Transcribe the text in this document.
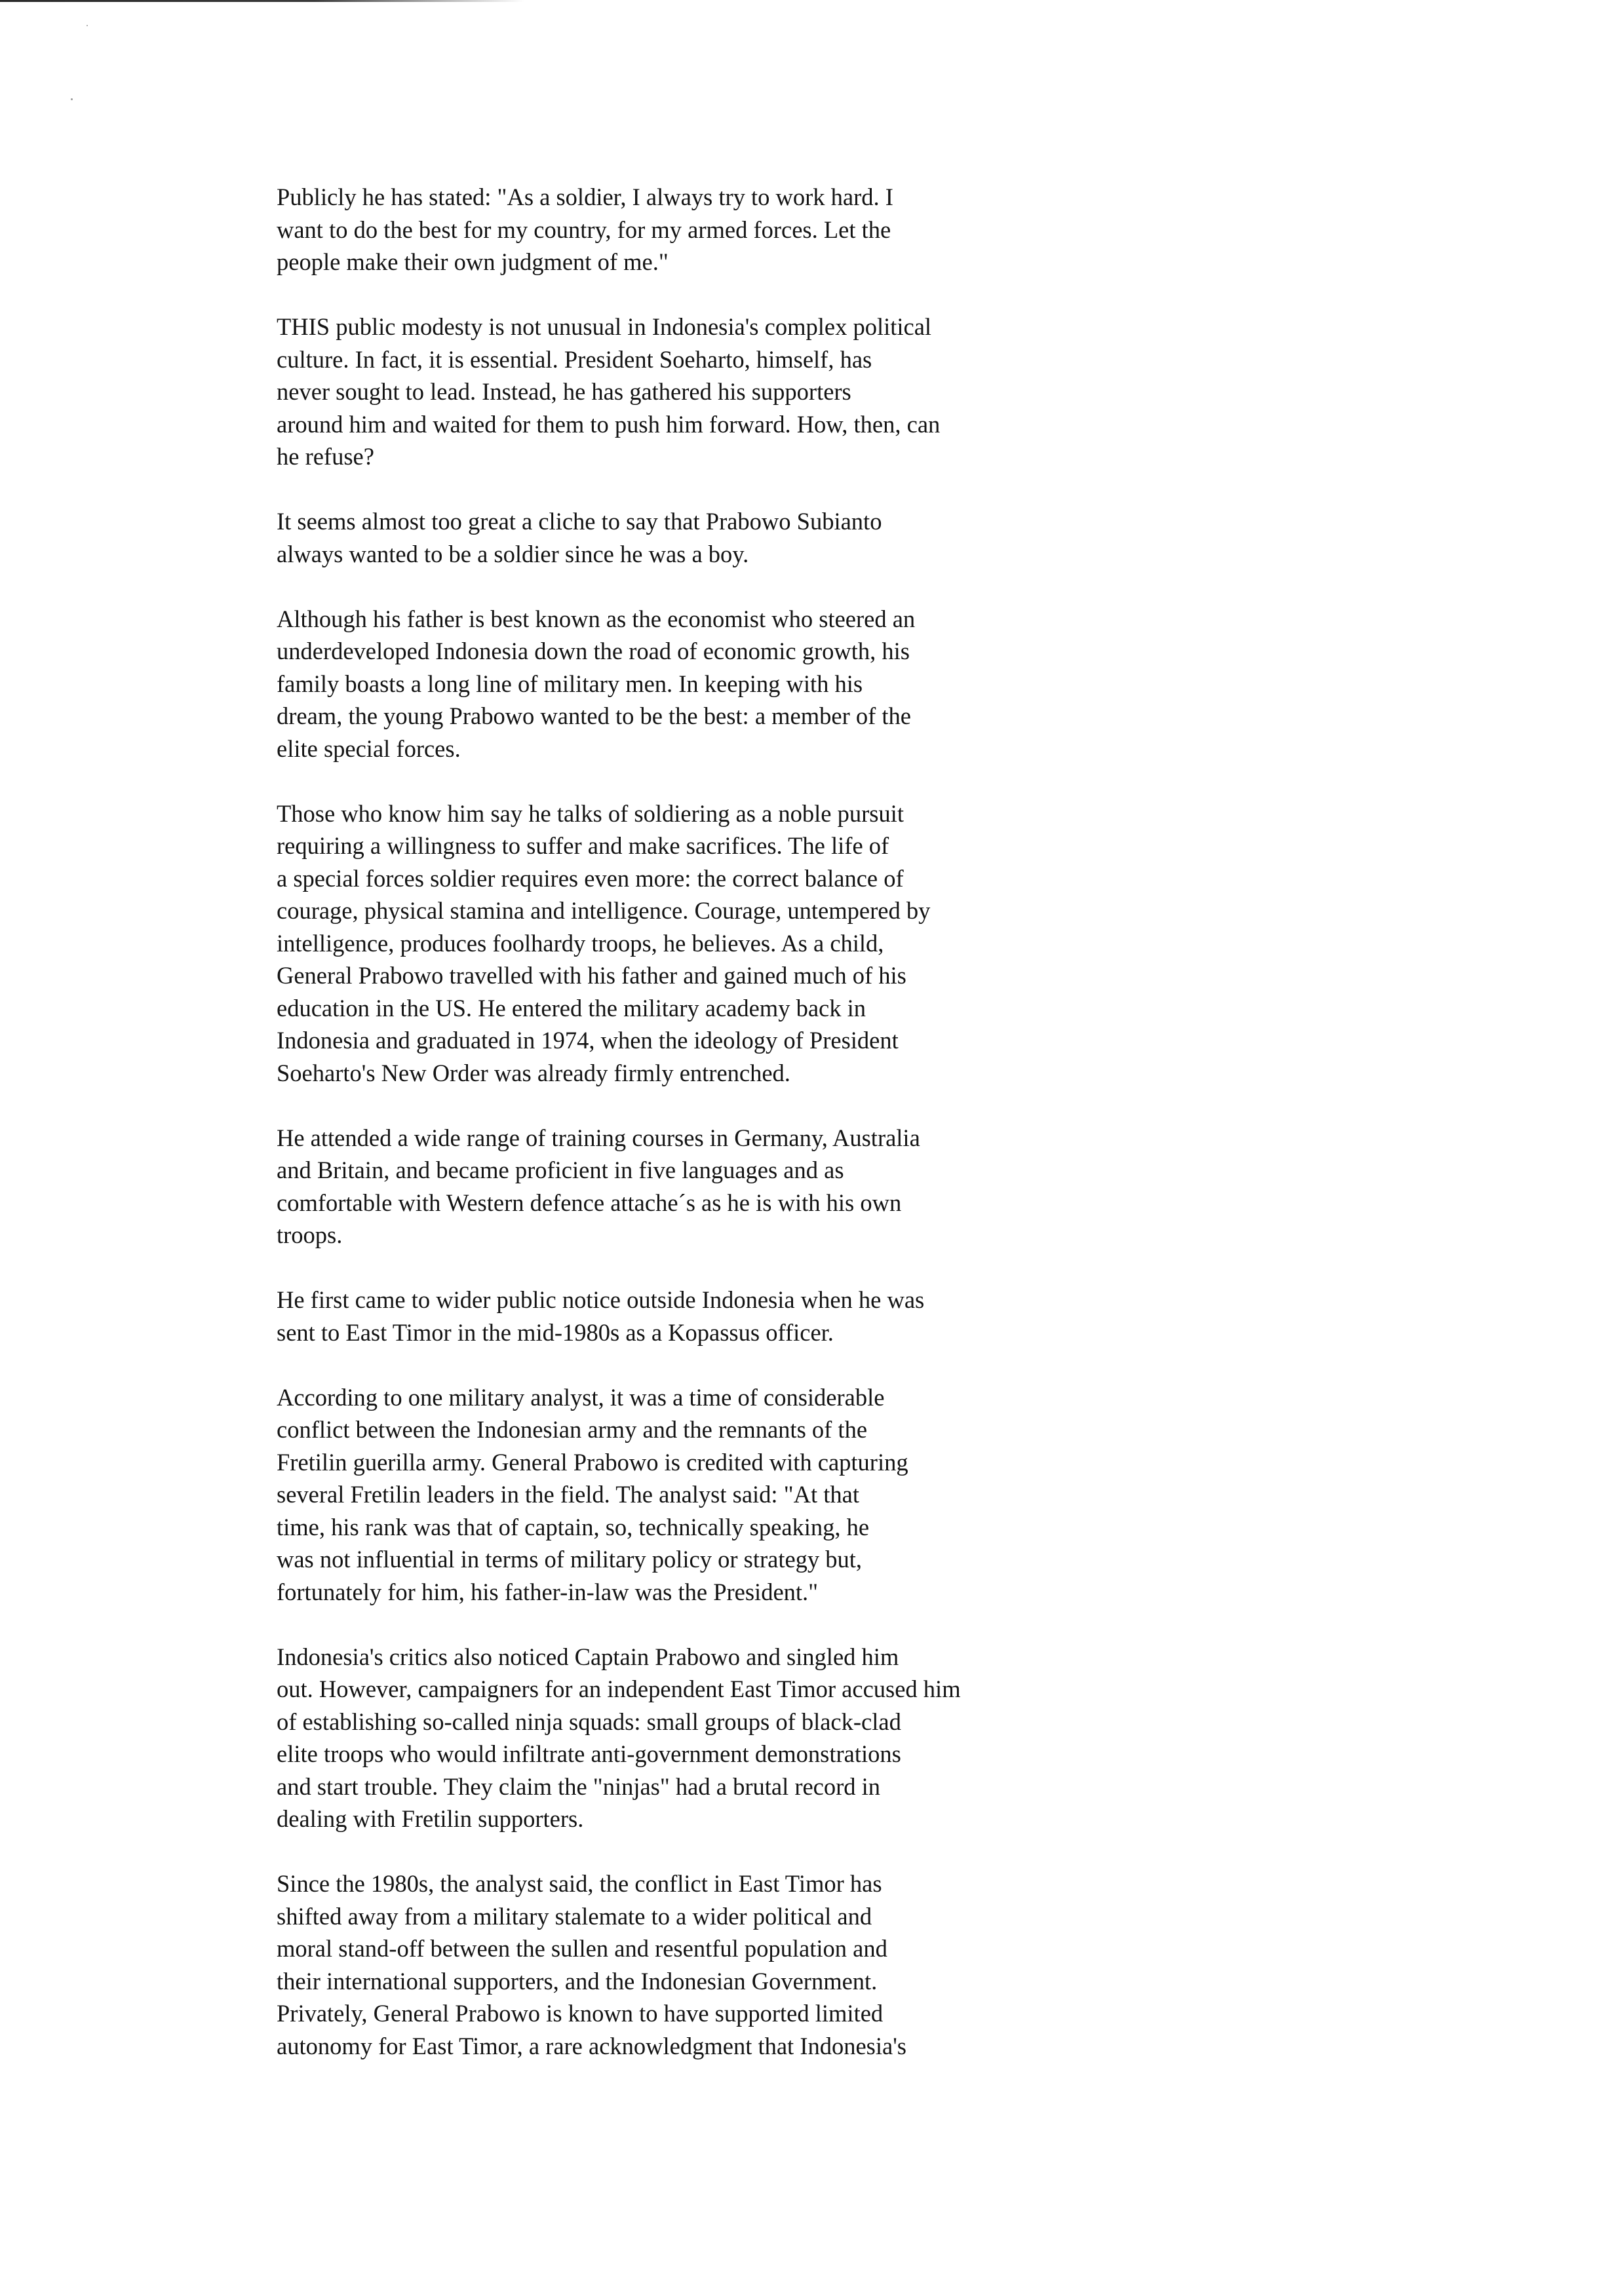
Publicly he has stated: "As a soldier, I always try to work hard. I
want to do the best for my country, for my armed forces. Let the
people make their own judgment of me."

THIS public modesty is not unusual in Indonesia's complex political
culture. In fact, it is essential. President Soeharto, himself, has
never sought to lead. Instead, he has gathered his supporters
around him and waited for them to push him forward. How, then, can
he refuse?

It seems almost too great a cliche to say that Prabowo Subianto
always wanted to be a soldier since he was a boy.

Although his father is best known as the economist who steered an
underdeveloped Indonesia down the road of economic growth, his
family boasts a long line of military men. In keeping with his
dream, the young Prabowo wanted to be the best: a member of the
elite special forces.

Those who know him say he talks of soldiering as a noble pursuit
requiring a willingness to suffer and make sacrifices. The life of
a special forces soldier requires even more: the correct balance of
courage, physical stamina and intelligence. Courage, untempered by
intelligence, produces foolhardy troops, he believes. As a child,
General Prabowo travelled with his father and gained much of his
education in the US. He entered the military academy back in
Indonesia and graduated in 1974, when the ideology of President
Soeharto's New Order was already firmly entrenched.

He attended a wide range of training courses in Germany, Australia
and Britain, and became proficient in five languages and as
comfortable with Western defence attache´s as he is with his own
troops.

He first came to wider public notice outside Indonesia when he was
sent to East Timor in the mid-1980s as a Kopassus officer.

According to one military analyst, it was a time of considerable
conflict between the Indonesian army and the remnants of the
Fretilin guerilla army. General Prabowo is credited with capturing
several Fretilin leaders in the field. The analyst said: "At that
time, his rank was that of captain, so, technically speaking, he
was not influential in terms of military policy or strategy but,
fortunately for him, his father-in-law was the President."

Indonesia's critics also noticed Captain Prabowo and singled him
out. However, campaigners for an independent East Timor accused him
of establishing so-called ninja squads: small groups of black-clad
elite troops who would infiltrate anti-government demonstrations
and start trouble. They claim the "ninjas" had a brutal record in
dealing with Fretilin supporters.

Since the 1980s, the analyst said, the conflict in East Timor has
shifted away from a military stalemate to a wider political and
moral stand-off between the sullen and resentful population and
their international supporters, and the Indonesian Government.
Privately, General Prabowo is known to have supported limited
autonomy for East Timor, a rare acknowledgment that Indonesia's
